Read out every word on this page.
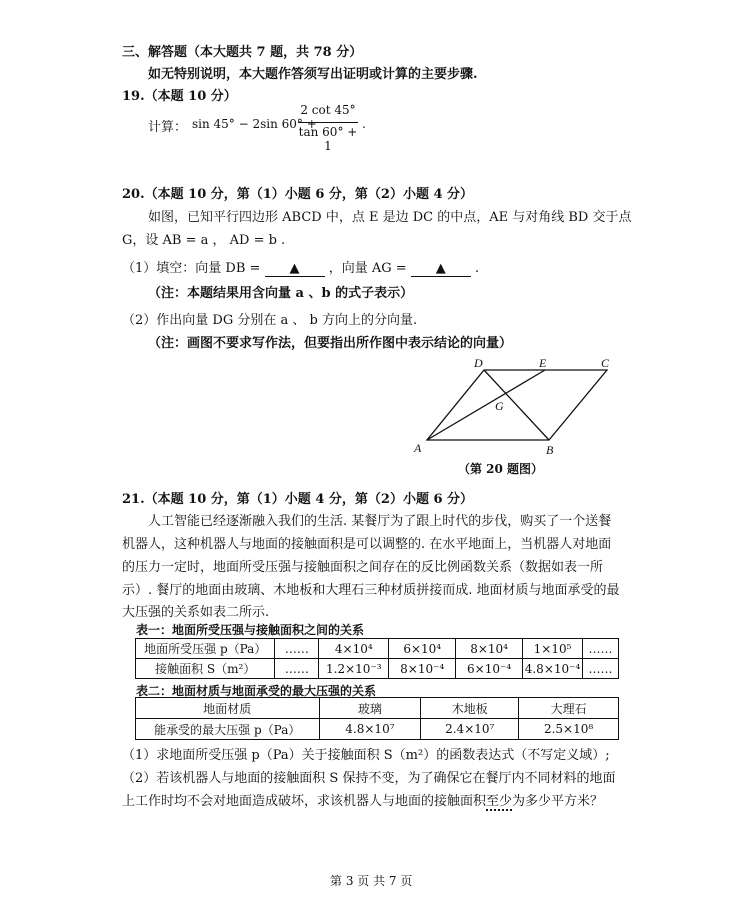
三、解答题（本大题共 7 题，共 78 分）
如无特别说明，本大题作答须写出证明或计算的主要步骤.
19.（本题 10 分）
计算： sin 45° − 2sin 60° +
2 cot 45°
tan 60° + 1
.
20.（本题 10 分，第（1）小题 6 分，第（2）小题 4 分）
如图，已知平行四边形 ABCD 中，点 E 是边 DC 的中点，AE 与对角线 BD 交于点
G，设 AB = a ， AD = b .
（1）填空：向量 DB = ▲ ，向量 AG = ▲ .
（注：本题结果用含向量 a 、b 的式子表示）
（2）作出向量 DG 分别在 a 、 b 方向上的分向量.
（注：画图不要求写作法，但要指出所作图中表示结论的向量）
A	B
C
D	E
G
（第 20 题图）
21.（本题 10 分，第（1）小题 4 分，第（2）小题 6 分）
人工智能已经逐渐融入我们的生活. 某餐厅为了跟上时代的步伐，购买了一个送餐
机器人，这种机器人与地面的接触面积是可以调整的. 在水平地面上，当机器人对地面
的压力一定时，地面所受压强与接触面积之间存在的反比例函数关系（数据如表一所
示）. 餐厅的地面由玻璃、木地板和大理石三种材质拼接而成. 地面材质与地面承受的最
大压强的关系如表二所示.
表一：地面所受压强与接触面积之间的关系
地面所受压强 p（Pa）	……	4×10⁴	6×10⁴	8×10⁴	1×10⁵	……
接触面积 S（m²）	……	1.2×10⁻³	8×10⁻⁴	6×10⁻⁴	4.8×10⁻⁴	……
表二：地面材质与地面承受的最大压强的关系
地面材质	玻璃	木地板	大理石
能承受的最大压强 p（Pa）	4.8×10⁷	2.4×10⁷	2.5×10⁸
（1）求地面所受压强 p（Pa）关于接触面积 S（m²）的函数表达式（不写定义域）;
（2）若该机器人与地面的接触面积 S 保持不变，为了确保它在餐厅内不同材料的地面
上工作时均不会对地面造成破坏，求该机器人与地面的接触面积至少为多少平方米？
第 3 页 共 7 页
